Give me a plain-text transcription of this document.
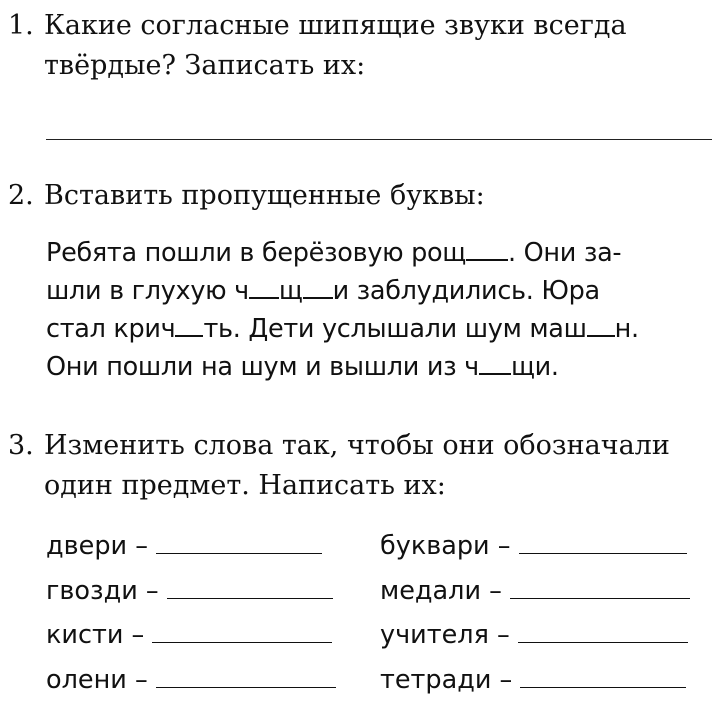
1. Какие согласные шипящие звуки всегда
твёрдые? Записать их:
2. Вставить пропущенные буквы:
Ребята пошли в берёзовую рощ . Они за-
шли в глухую ч щ и заблудились. Юра
стал крич ть. Дети услышали шум маш н.
Они пошли на шум и вышли из ч щи.
3. Изменить слова так, чтобы они обозначали
один предмет. Написать их:
двери –
гвозди –
кисти –
олени –
буквари –
медали –
учителя –
тетради –
